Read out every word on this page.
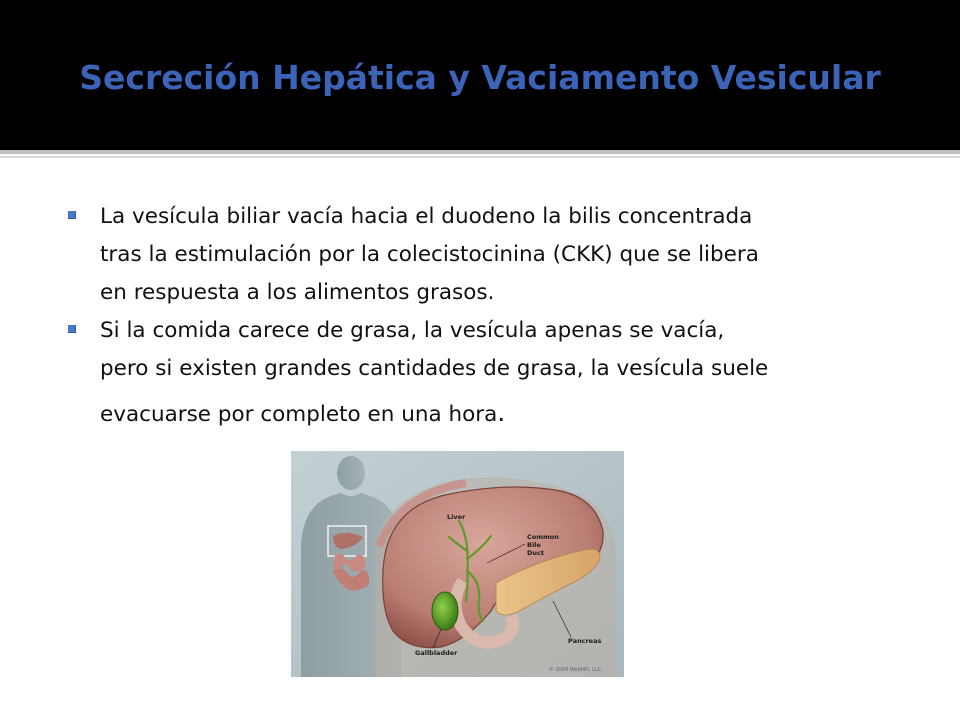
Secreción Hepática y Vaciamento Vesicular
La vesícula biliar vacía hacia el duodeno la bilis concentrada
tras la estimulación por la colecistocinina (CKK) que se libera
en respuesta a los alimentos grasos.
Si la comida carece de grasa, la vesícula apenas se vacía,
pero si existen grandes cantidades de grasa, la vesícula suele
evacuarse por completo en una hora.
Liver
Common
Bile
Duct
Pancreas
Gallbladder
© 2009 WebMD, LLC
